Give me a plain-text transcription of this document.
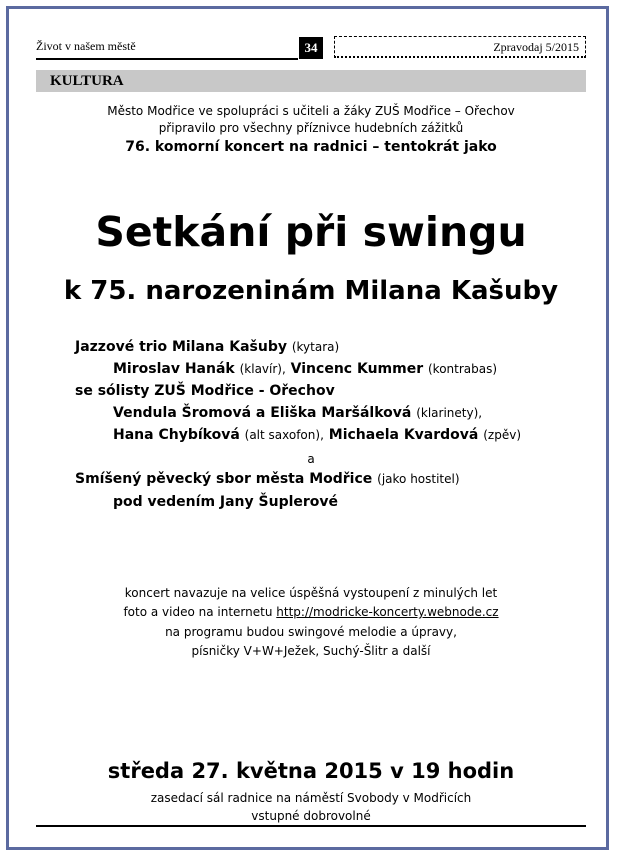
Život v našem městě	34	Zpravodaj 5/2015
KULTURA
Město Modřice ve spolupráci s učiteli a žáky ZUŠ Modřice – Ořechov
připravilo pro všechny příznivce hudebních zážitků
76. komorní koncert na radnici – tentokrát jako
Setkání při swingu
k 75. narozeninám Milana Kašuby
Jazzové trio Milana Kašuby (kytara)
Miroslav Hanák (klavír), Vincenc Kummer (kontrabas)
se sólisty ZUŠ Modřice - Ořechov
Vendula Šromová a Eliška Maršálková (klarinety),
Hana Chybíková (alt saxofon), Michaela Kvardová (zpěv)
a
Smíšený pěvecký sbor města Modřice (jako hostitel)
pod vedením Jany Šuplerové
koncert navazuje na velice úspěšná vystoupení z minulých let
foto a video na internetu http://modricke-koncerty.webnode.cz
na programu budou swingové melodie a úpravy,
písničky V+W+Ježek, Suchý-Šlitr a další
středa 27. května 2015 v 19 hodin
zasedací sál radnice na náměstí Svobody v Modřicích
vstupné dobrovolné
